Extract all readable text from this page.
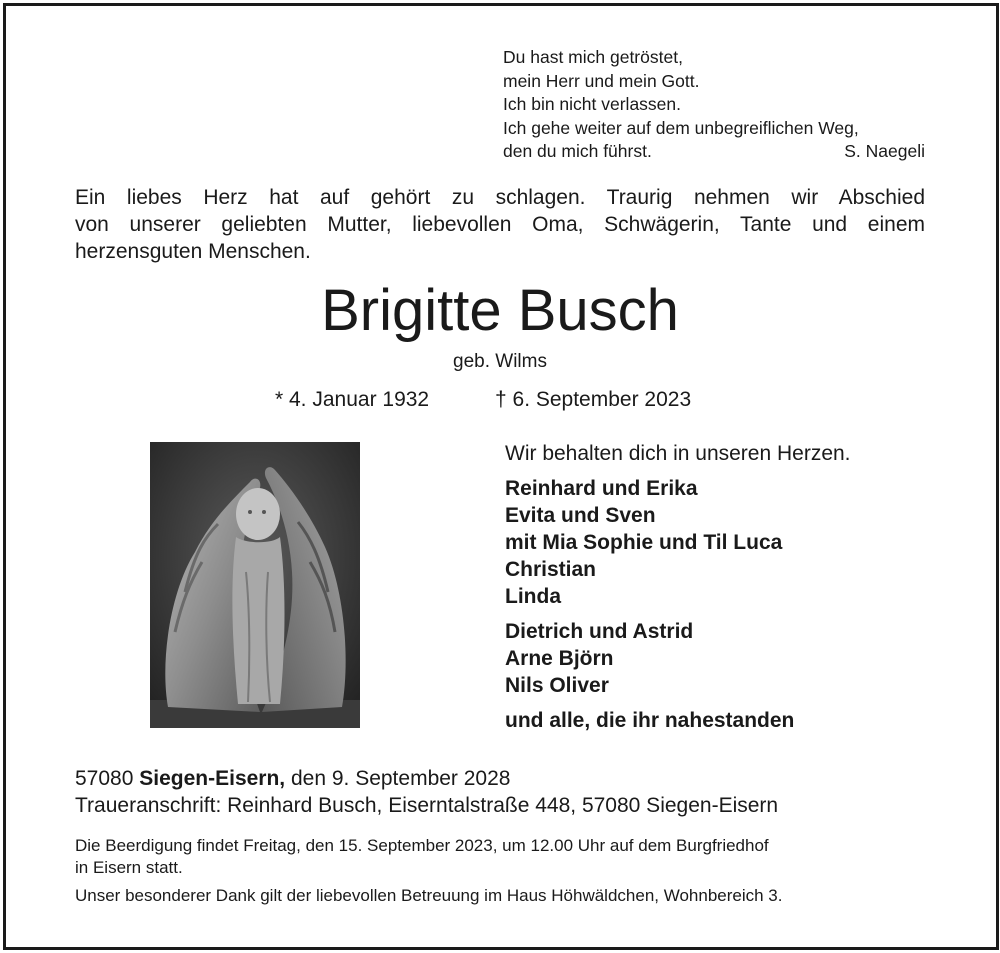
Du hast mich getröstet,
mein Herr und mein Gott.
Ich bin nicht verlassen.
Ich gehe weiter auf dem unbegreiflichen Weg,
den du mich führst.	S. Naegeli
Ein liebes Herz hat auf gehört zu schlagen. Traurig nehmen wir Abschied
von unserer geliebten Mutter, liebevollen Oma, Schwägerin, Tante und einem
herzensguten Menschen.
Brigitte Busch
geb. Wilms
* 4. Januar 1932	† 6. September 2023
Wir behalten dich in unseren Herzen.
Reinhard und Erika
Evita und Sven
mit Mia Sophie und Til Luca
Christian
Linda
Dietrich und Astrid
Arne Björn
Nils Oliver
und alle, die ihr nahestanden
57080 Siegen-Eisern, den 9. September 2028
Traueranschrift: Reinhard Busch, Eiserntalstraße 448, 57080 Siegen-Eisern
Die Beerdigung findet Freitag, den 15. September 2023, um 12.00 Uhr auf dem Burgfriedhof
in Eisern statt.
Unser besonderer Dank gilt der liebevollen Betreuung im Haus Höhwäldchen, Wohnbereich 3.
